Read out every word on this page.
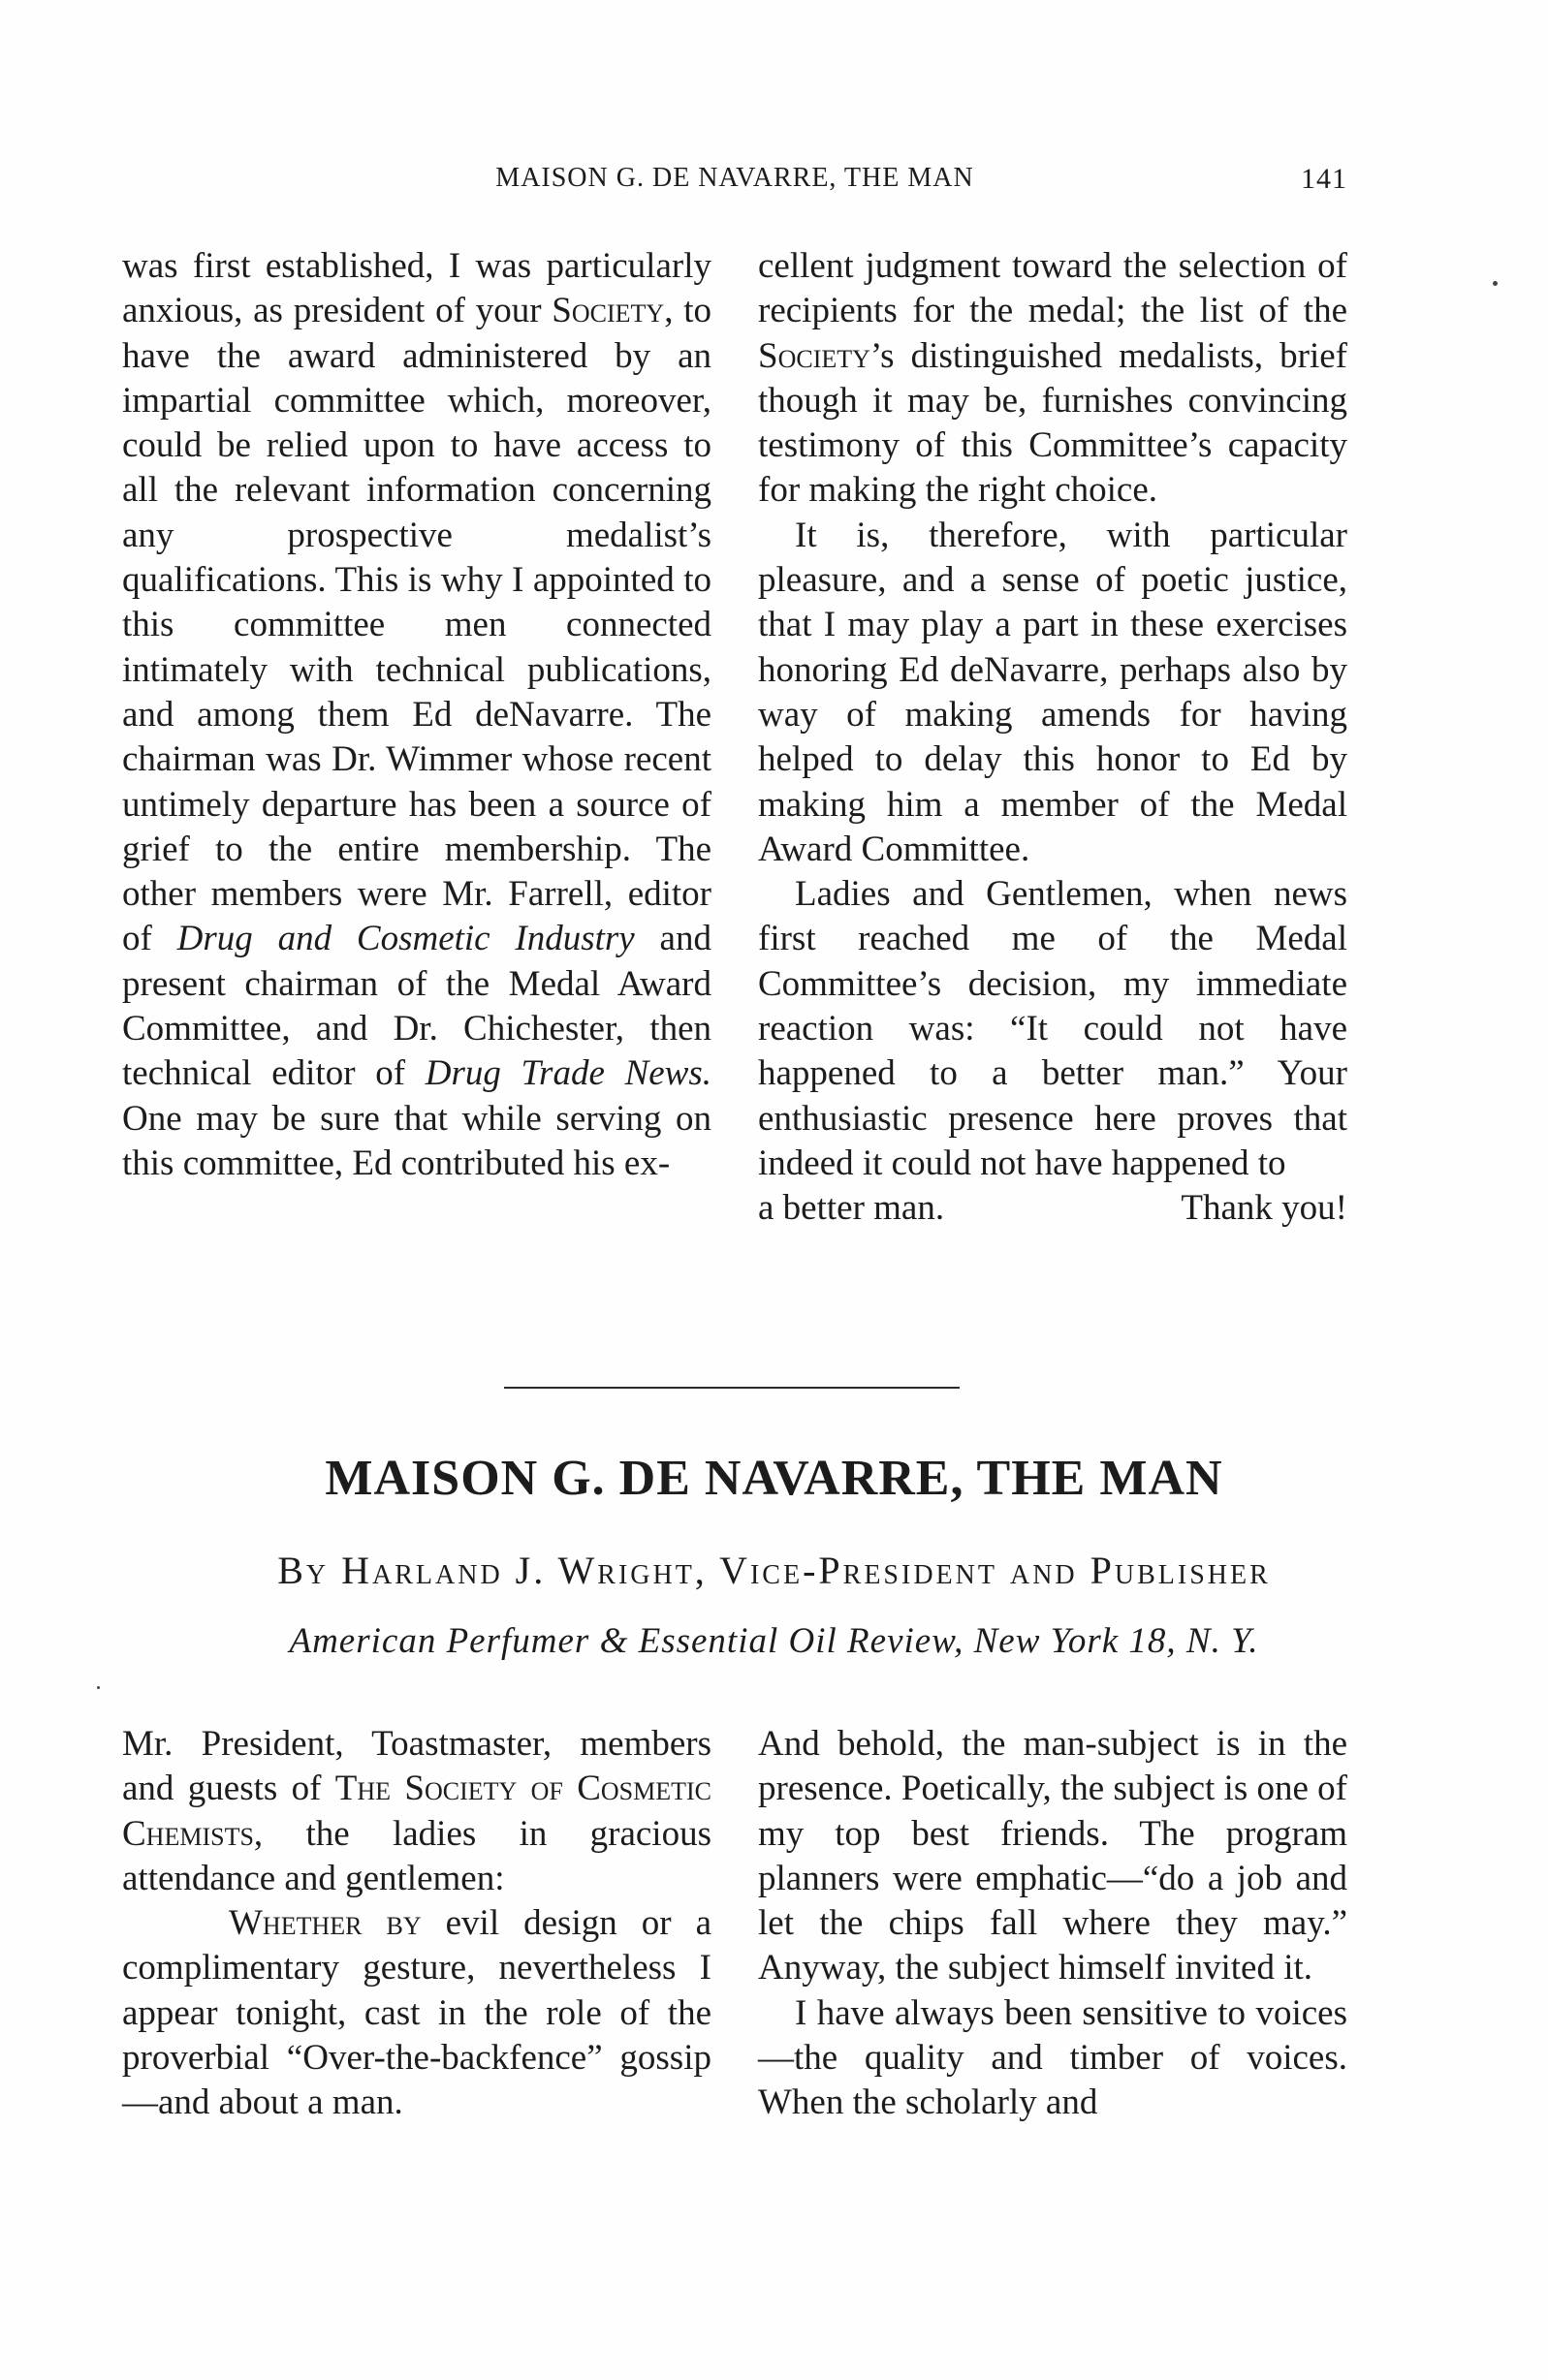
MAISON G. DE NAVARRE, THE MAN	141

was first established, I was particularly anxious, as president of your Society, to have the award administered by an impartial committee which, moreover, could be relied upon to have access to all the relevant information concerning any prospective medalist’s qualifications. This is why I appointed to this committee men connected intimately with technical publications, and among them Ed deNavarre. The chairman was Dr. Wimmer whose recent untimely departure has been a source of grief to the entire membership. The other members were Mr. Farrell, editor of Drug and Cosmetic Industry and present chairman of the Medal Award Committee, and Dr. Chichester, then technical editor of Drug Trade News. One may be sure that while serving on this committee, Ed contributed his ex-

cellent judgment toward the selection of recipients for the medal; the list of the Society’s distinguished medalists, brief though it may be, furnishes convincing testimony of this Committee’s capacity for making the right choice.

It is, therefore, with particular pleasure, and a sense of poetic justice, that I may play a part in these exercises honoring Ed deNavarre, perhaps also by way of making amends for having helped to delay this honor to Ed by making him a member of the Medal Award Committee.

Ladies and Gentlemen, when news first reached me of the Medal Committee’s decision, my immediate reaction was: “It could not have happened to a better man.” Your enthusiastic presence here proves that indeed it could not have happened to

a better man.	Thank you!
MAISON G. DE NAVARRE, THE MAN
By Harland J. Wright, Vice-President and Publisher
American Perfumer & Essential Oil Review, New York 18, N. Y.

Mr. President, Toastmaster, members and guests of The Society of Cosmetic Chemists, the ladies in gracious attendance and gentlemen:

Whether by evil design or a complimentary gesture, nevertheless I appear tonight, cast in the role of the proverbial “Over-the-backfence” gossip—and about a man.

And behold, the man-subject is in the presence. Poetically, the subject is one of my top best friends. The program planners were emphatic—“do a job and let the chips fall where they may.” Anyway, the subject himself invited it.

I have always been sensitive to voices—the quality and timber of voices. When the scholarly and
